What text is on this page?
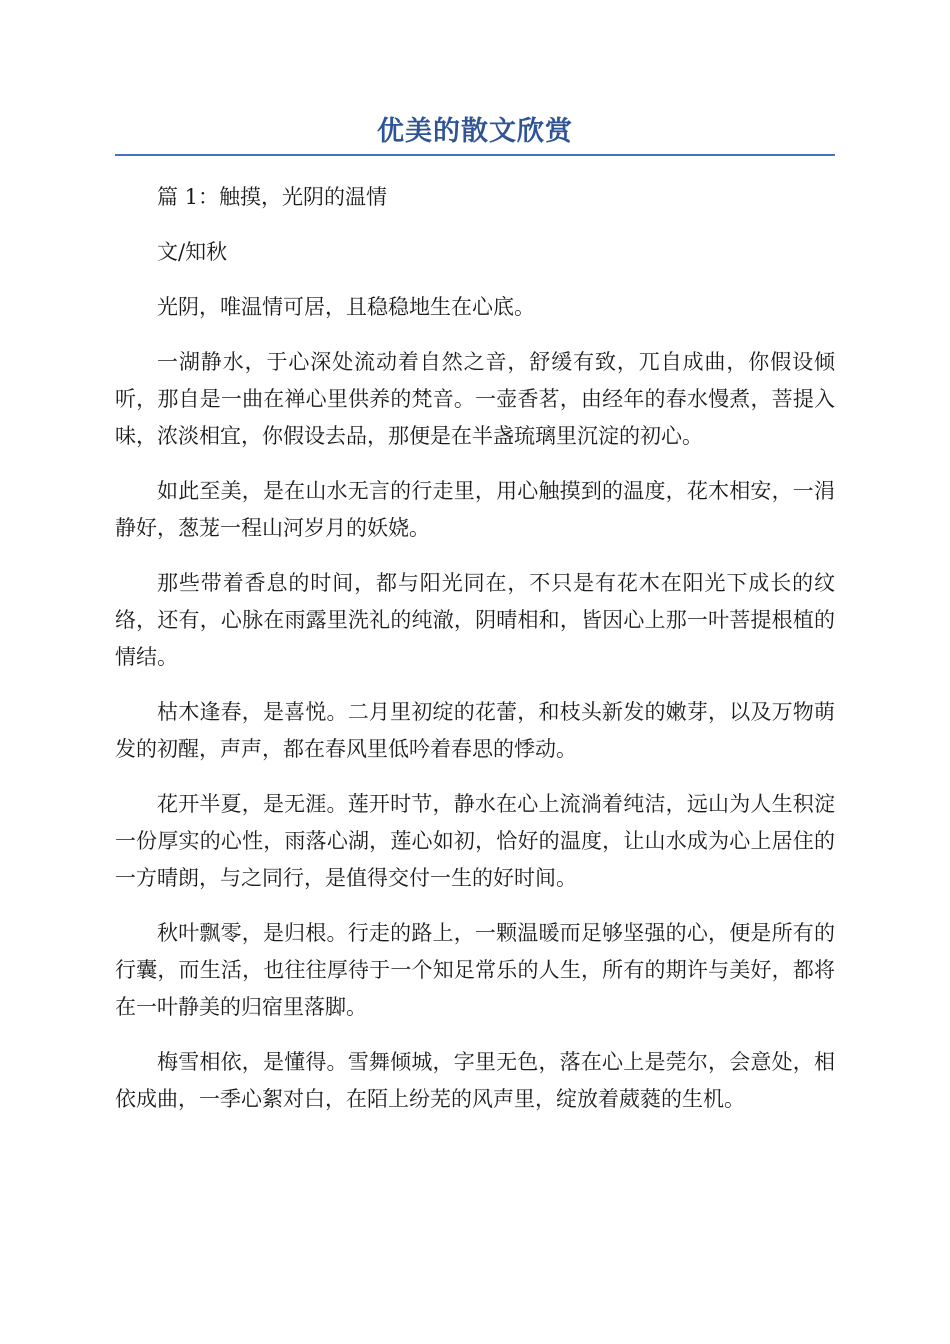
优美的散文欣赏

篇 1：触摸，光阴的温情

文/知秋

光阴，唯温情可居，且稳稳地生在心底。

一湖静水，于心深处流动着自然之音，舒缓有致，兀自成曲，你假设倾听，那自是一曲在禅心里供养的梵音。一壶香茗，由经年的春水慢煮，菩提入味，浓淡相宜，你假设去品，那便是在半盏琉璃里沉淀的初心。

如此至美，是在山水无言的行走里，用心触摸到的温度，花木相安，一涓静好，葱茏一程山河岁月的妖娆。

那些带着香息的时间，都与阳光同在，不只是有花木在阳光下成长的纹络，还有，心脉在雨露里洗礼的纯澈，阴晴相和，皆因心上那一叶菩提根植的情结。

枯木逢春，是喜悦。二月里初绽的花蕾，和枝头新发的嫩芽，以及万物萌发的初醒，声声，都在春风里低吟着春思的悸动。

花开半夏，是无涯。莲开时节，静水在心上流淌着纯洁，远山为人生积淀一份厚实的心性，雨落心湖，莲心如初，恰好的温度，让山水成为心上居住的一方晴朗，与之同行，是值得交付一生的好时间。

秋叶飘零，是归根。行走的路上，一颗温暖而足够坚强的心，便是所有的行囊，而生活，也往往厚待于一个知足常乐的人生，所有的期许与美好，都将在一叶静美的归宿里落脚。

梅雪相依，是懂得。雪舞倾城，字里无色，落在心上是莞尔，会意处，相依成曲，一季心絮对白，在陌上纷芜的风声里，绽放着葳蕤的生机。
